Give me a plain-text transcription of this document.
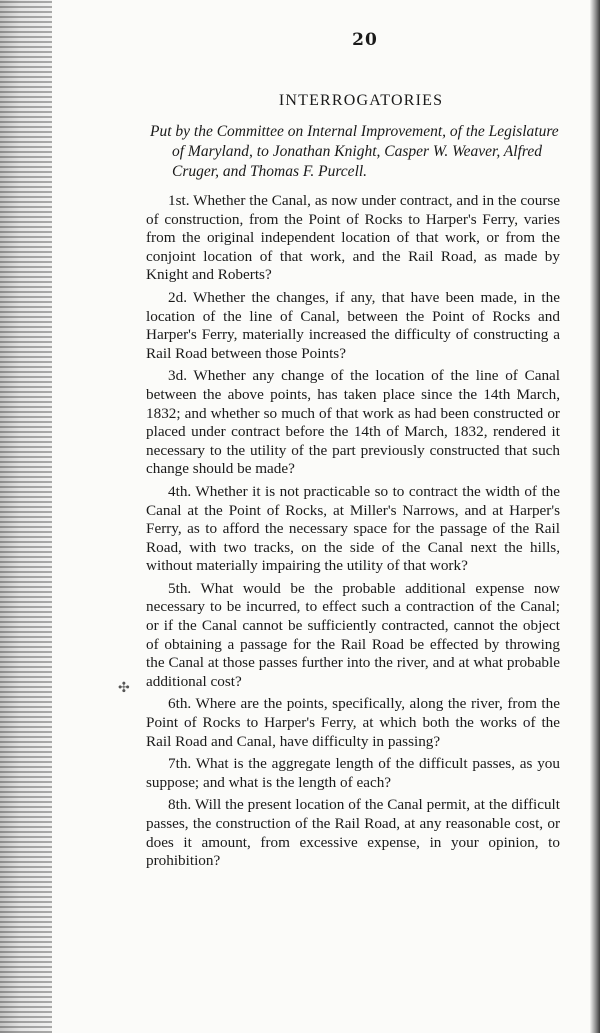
✣
20
INTERROGATORIES
Put by the Committee on Internal Improvement, of the Legislature of Maryland, to Jonathan Knight, Casper W. Weaver, Alfred Cruger, and Thomas F. Purcell.

1st. Whether the Canal, as now under contract, and in the course of construction, from the Point of Rocks to Harper's Ferry, varies from the original independent location of that work, or from the conjoint location of that work, and the Rail Road, as made by Knight and Roberts?

2d. Whether the changes, if any, that have been made, in the location of the line of Canal, between the Point of Rocks and Harper's Ferry, materially increased the difficulty of constructing a Rail Road between those Points?

3d. Whether any change of the location of the line of Canal between the above points, has taken place since the 14th March, 1832; and whether so much of that work as had been constructed or placed under contract before the 14th of March, 1832, rendered it necessary to the utility of the part previously constructed that such change should be made?

4th. Whether it is not practicable so to contract the width of the Canal at the Point of Rocks, at Miller's Narrows, and at Harper's Ferry, as to afford the necessary space for the passage of the Rail Road, with two tracks, on the side of the Canal next the hills, without materially impairing the utility of that work?

5th. What would be the probable additional expense now necessary to be incurred, to effect such a contraction of the Canal; or if the Canal cannot be sufficiently contracted, cannot the object of obtaining a passage for the Rail Road be effected by throwing the Canal at those passes further into the river, and at what probable additional cost?

6th. Where are the points, specifically, along the river, from the Point of Rocks to Harper's Ferry, at which both the works of the Rail Road and Canal, have difficulty in passing?

7th. What is the aggregate length of the difficult passes, as you suppose; and what is the length of each?

8th. Will the present location of the Canal permit, at the difficult passes, the construction of the Rail Road, at any reasonable cost, or does it amount, from excessive expense, in your opinion, to prohibition?
